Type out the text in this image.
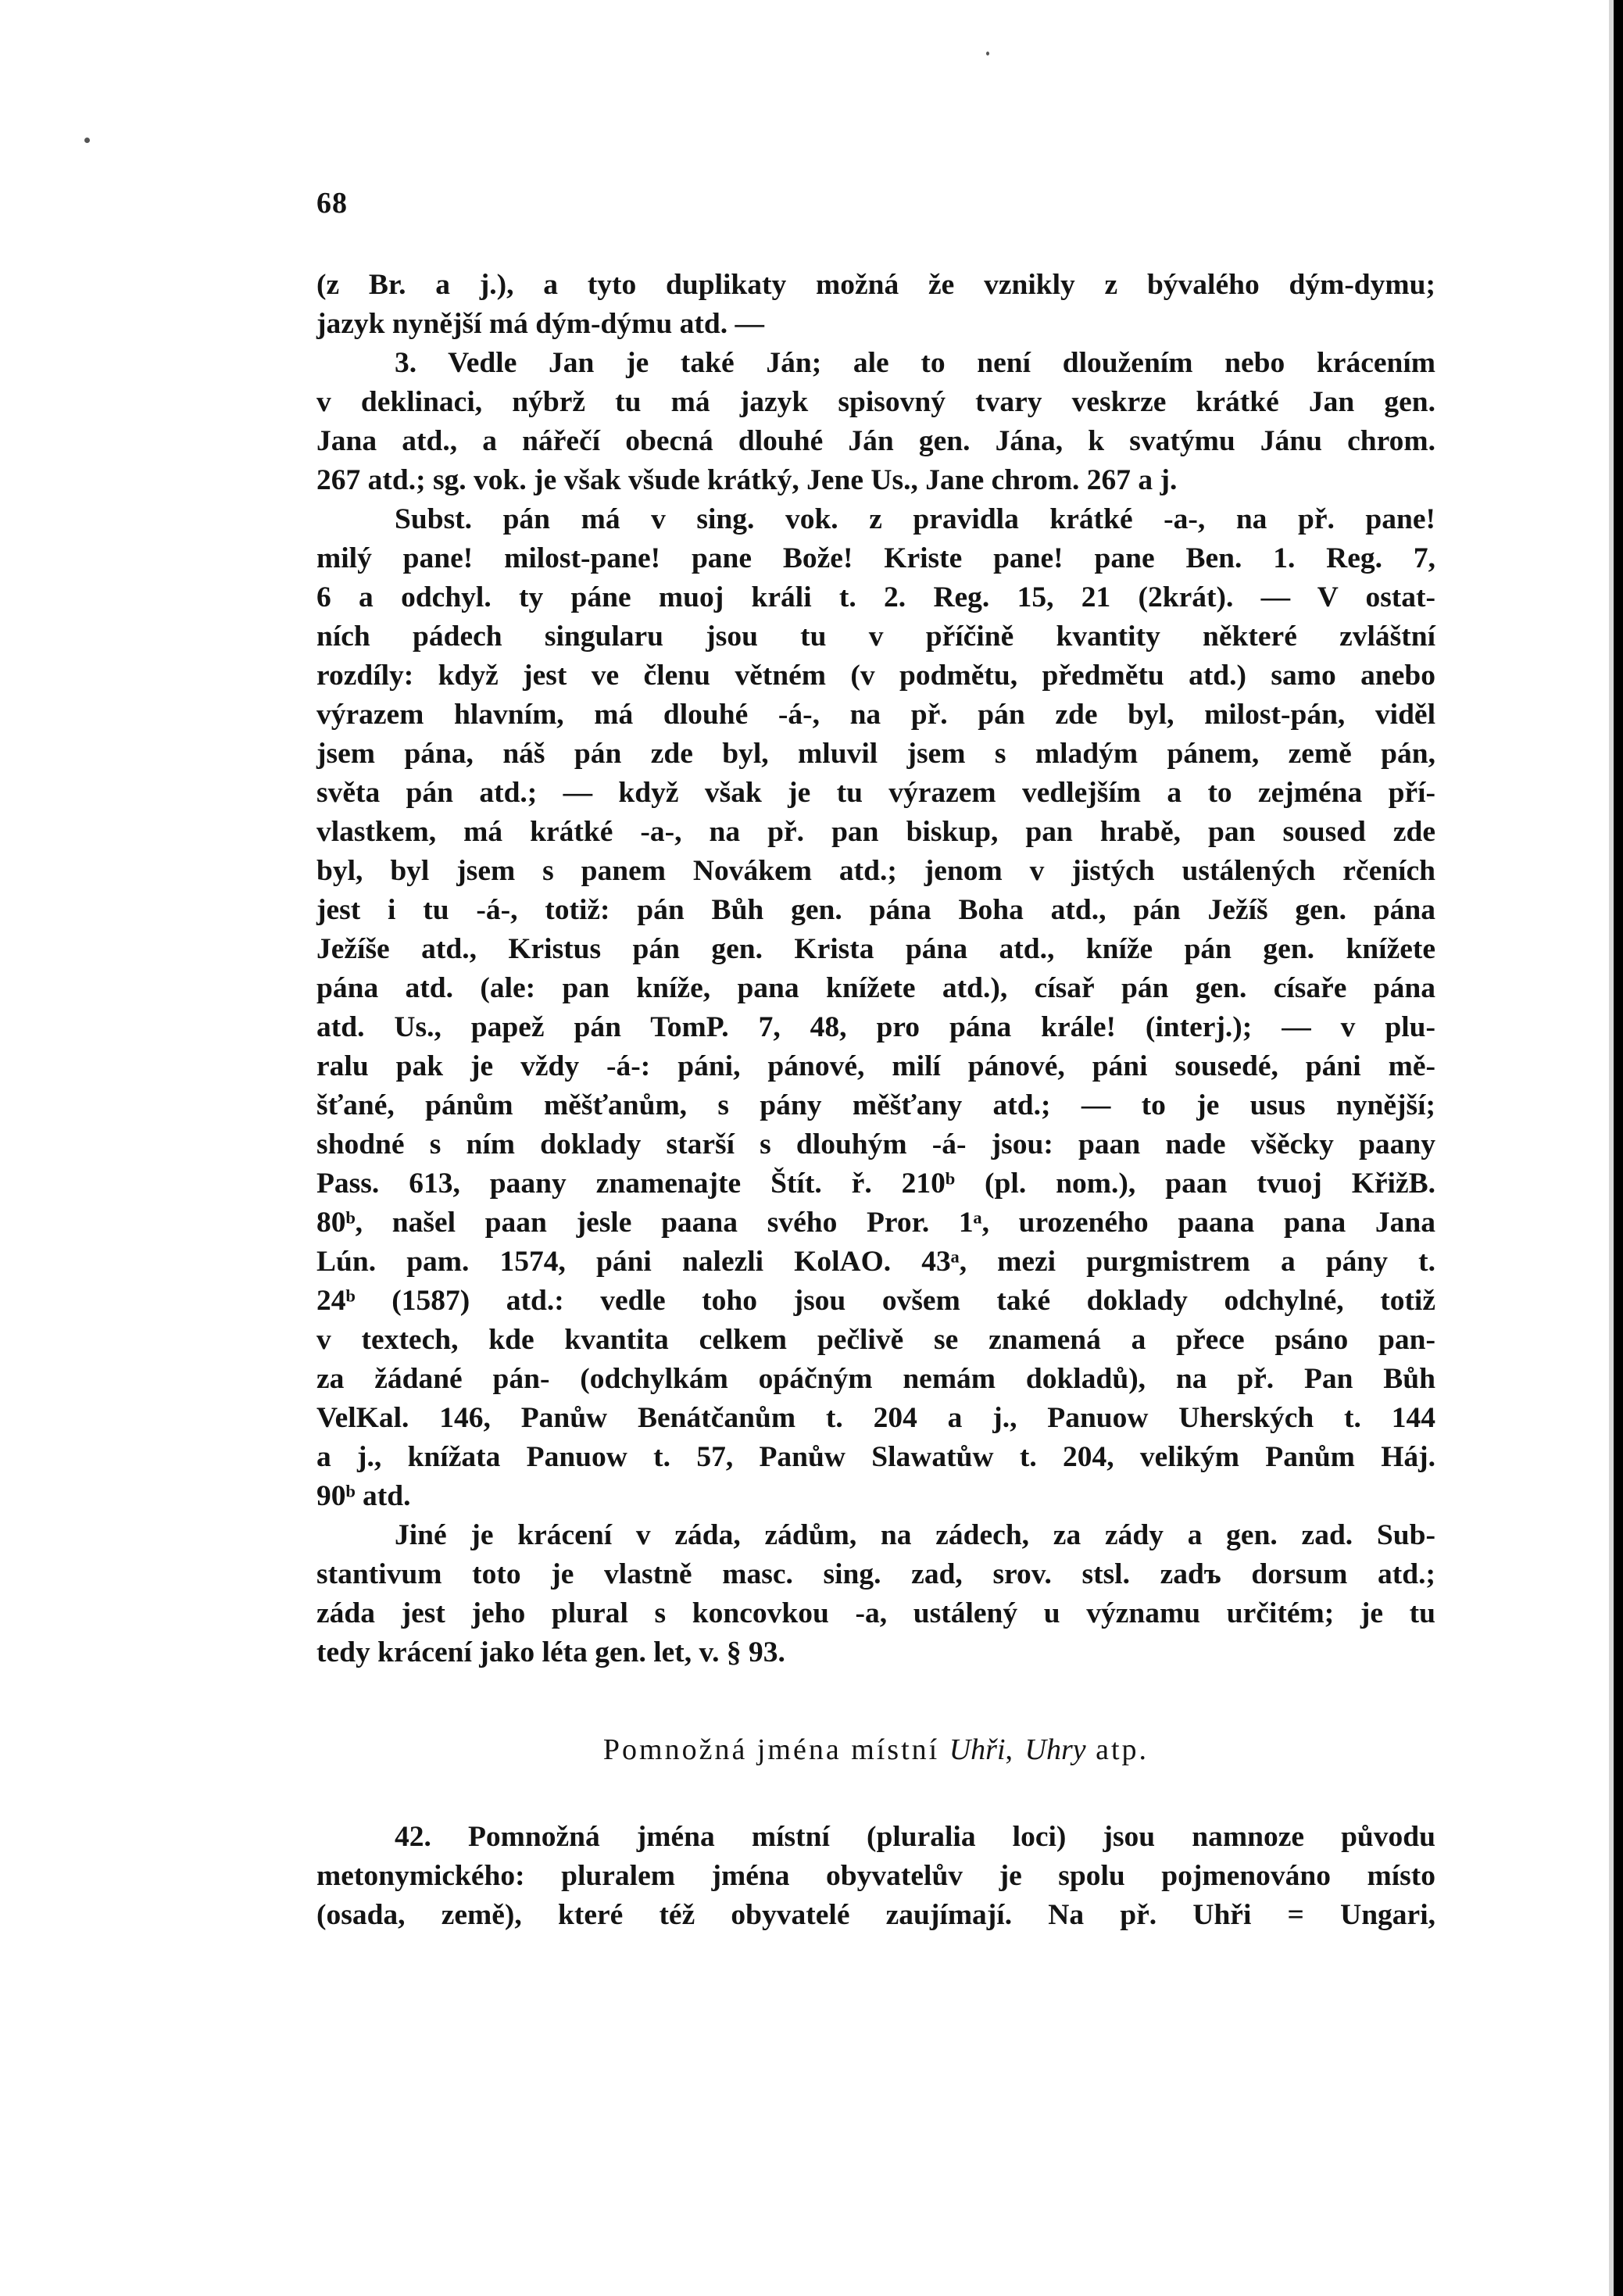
68
(z Br. a j.), a tyto duplikaty možná že vznikly z bývalého dým-dymu;
jazyk nynější má dým-dýmu atd. —
3. Vedle Jan je také Ján; ale to není dloužením nebo krácením
v deklinaci, nýbrž tu má jazyk spisovný tvary veskrze krátké Jan gen.
Jana atd., a nářečí obecná dlouhé Ján gen. Jána, k svatýmu Jánu chrom.
267 atd.; sg. vok. je však všude krátký, Jene Us., Jane chrom. 267 a j.
Subst. pán má v sing. vok. z pravidla krátké -a-, na př. pane!
milý pane! milost-pane! pane Bože! Kriste pane! pane Ben. 1. Reg. 7,
6 a odchyl. ty páne muoj králi t. 2. Reg. 15, 21 (2krát). — V ostat-
ních pádech singularu jsou tu v příčině kvantity některé zvláštní
rozdíly: když jest ve členu větném (v podmětu, předmětu atd.) samo anebo
výrazem hlavním, má dlouhé -á-, na př. pán zde byl, milost-pán, viděl
jsem pána, náš pán zde byl, mluvil jsem s mladým pánem, země pán,
světa pán atd.; — když však je tu výrazem vedlejším a to zejména pří-
vlastkem, má krátké -a-, na př. pan biskup, pan hrabě, pan soused zde
byl, byl jsem s panem Novákem atd.; jenom v jistých ustálených rčeních
jest i tu -á-, totiž: pán Bůh gen. pána Boha atd., pán Ježíš gen. pána
Ježíše atd., Kristus pán gen. Krista pána atd., kníže pán gen. knížete
pána atd. (ale: pan kníže, pana knížete atd.), císař pán gen. císaře pána
atd. Us., papež pán TomP. 7, 48, pro pána krále! (interj.); — v plu-
ralu pak je vždy -á-: páni, pánové, milí pánové, páni sousedé, páni mě-
šťané, pánům měšťanům, s pány měšťany atd.; — to je usus nynější;
shodné s ním doklady starší s dlouhým -á- jsou: paan nade všěcky paany
Pass. 613, paany znamenajte Štít. ř. 210ᵇ (pl. nom.), paan tvuoj KřižB.
80ᵇ, našel paan jesle paana svého Pror. 1ᵃ, urozeného paana pana Jana
Lún. pam. 1574, páni nalezli KolAO. 43ᵃ, mezi purgmistrem a pány t.
24ᵇ (1587) atd.: vedle toho jsou ovšem také doklady odchylné, totiž
v textech, kde kvantita celkem pečlivě se znamená a přece psáno pan-
za žádané pán- (odchylkám opáčným nemám dokladů), na př. Pan Bůh
VelKal. 146, Panůw Benátčanům t. 204 a j., Panuow Uherských t. 144
a j., knížata Panuow t. 57, Panůw Slawatůw t. 204, velikým Panům Háj.
90ᵇ atd.
Jiné je krácení v záda, zádům, na zádech, za zády a gen. zad. Sub-
stantivum toto je vlastně masc. sing. zad, srov. stsl. zadъ dorsum atd.;
záda jest jeho plural s koncovkou -a, ustálený u významu určitém; je tu
tedy krácení jako léta gen. let, v. § 93.
Pomnožná jména místní Uhři, Uhry atp.
42. Pomnožná jména místní (pluralia loci) jsou namnoze původu
metonymického: pluralem jména obyvatelův je spolu pojmenováno místo
(osada, země), které též obyvatelé zaujímají. Na př. Uhři = Ungari,
